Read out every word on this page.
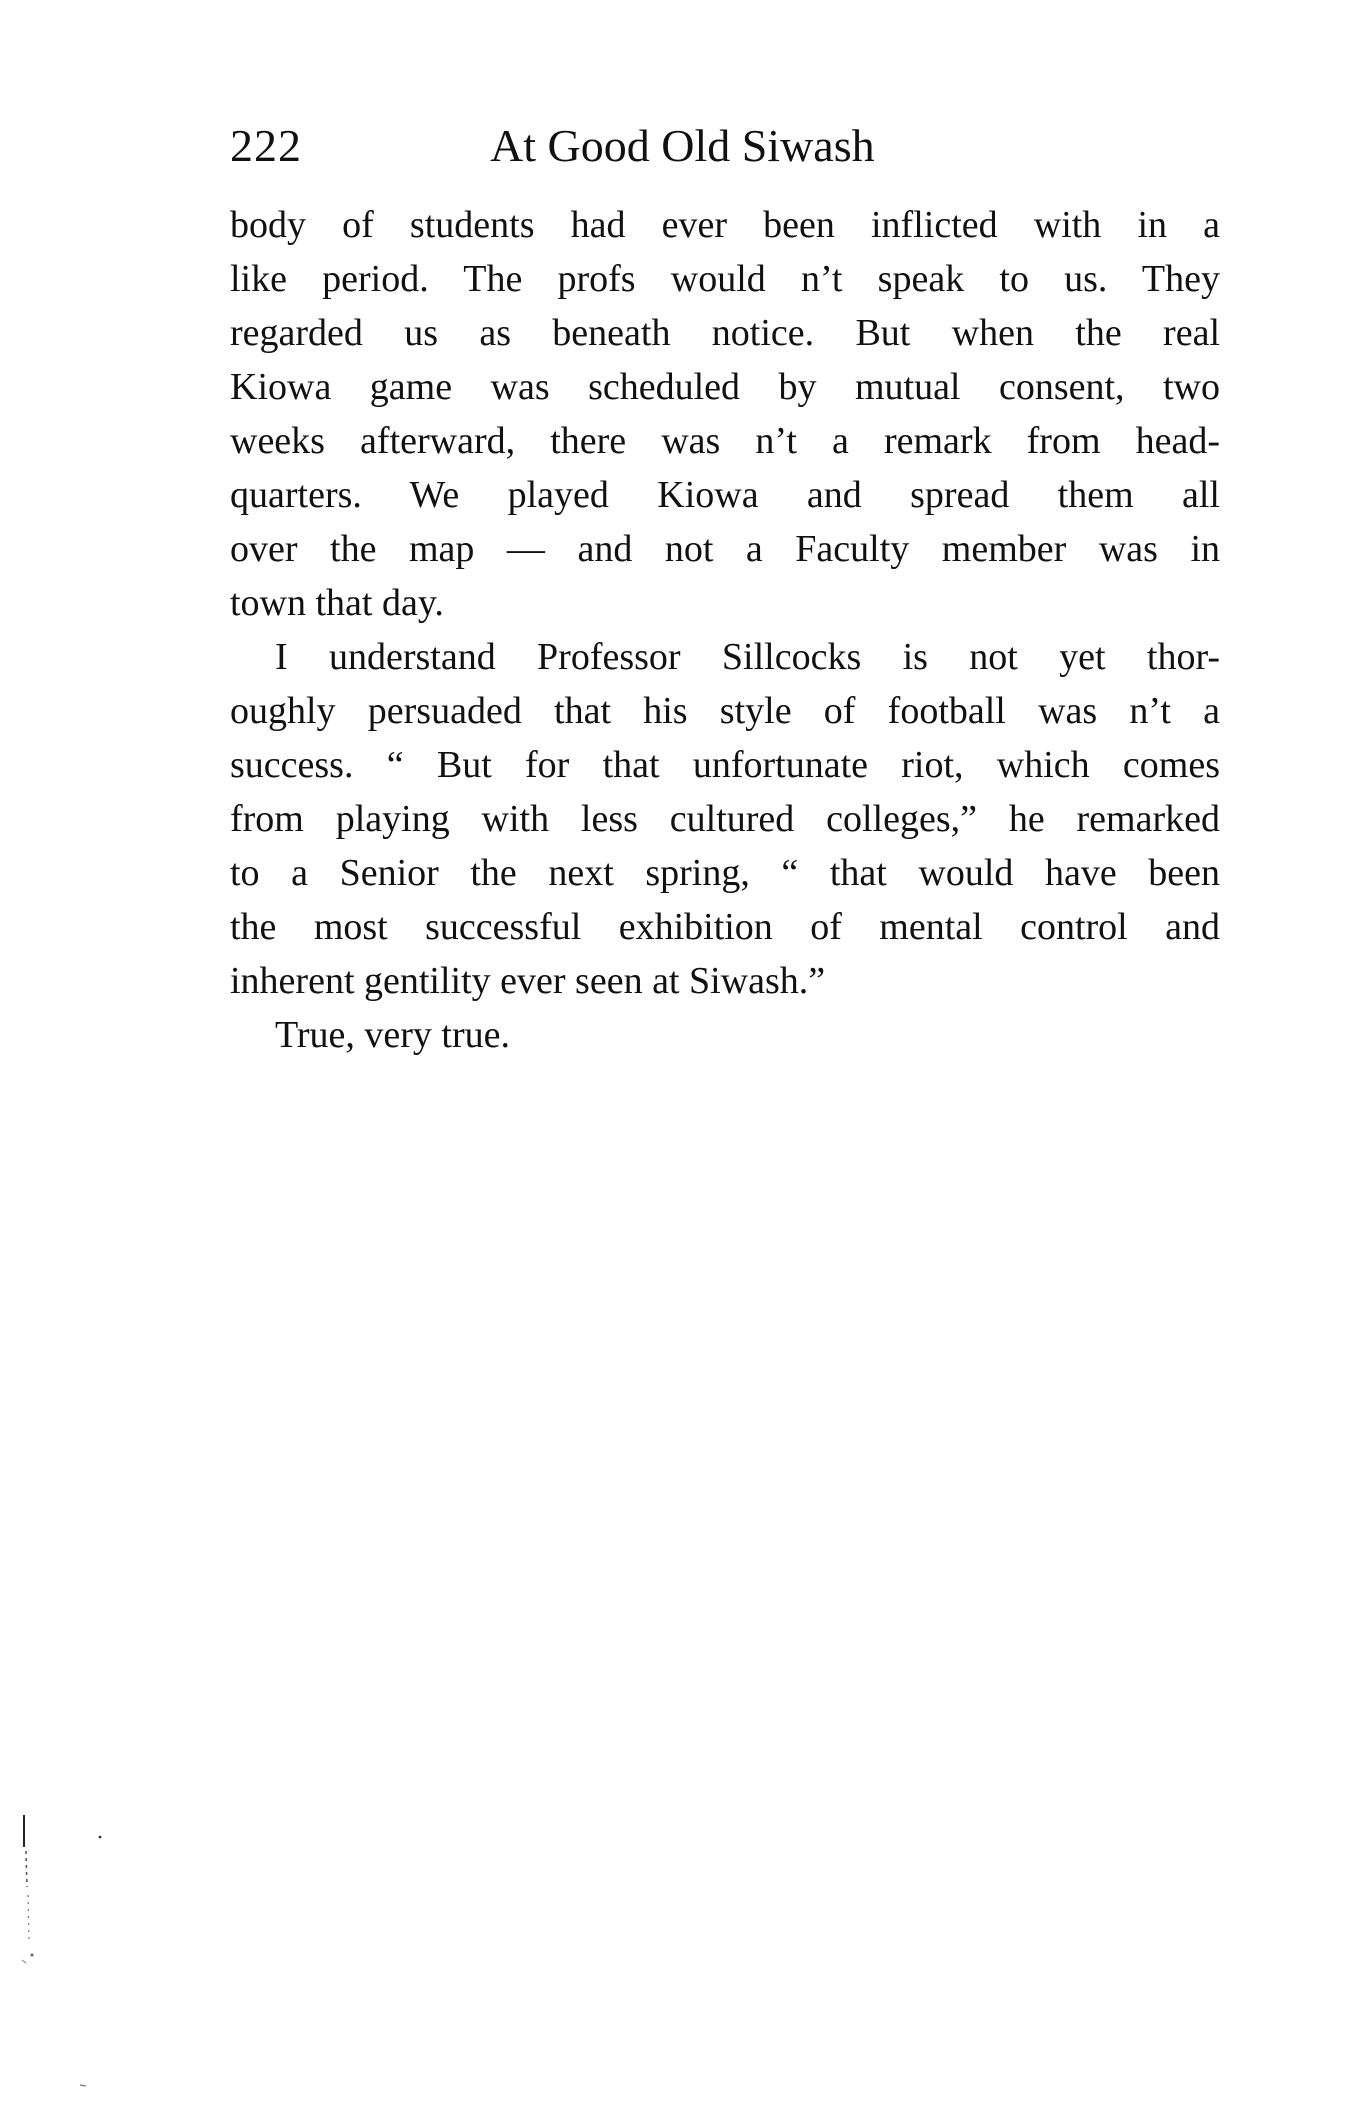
222	At Good Old Siwash
body of students had ever been inflicted with in a
like period. The profs would n’t speak to us. They
regarded us as beneath notice. But when the real
Kiowa game was scheduled by mutual consent, two
weeks afterward, there was n’t a remark from head-
quarters. We played Kiowa and spread them all
over the map — and not a Faculty member was in
town that day.
I understand Professor Sillcocks is not yet thor-
oughly persuaded that his style of football was n’t a
success. “ But for that unfortunate riot, which comes
from playing with less cultured colleges,” he remarked
to a Senior the next spring, “ that would have been
the most successful exhibition of mental control and
inherent gentility ever seen at Siwash.”
True, very true.
